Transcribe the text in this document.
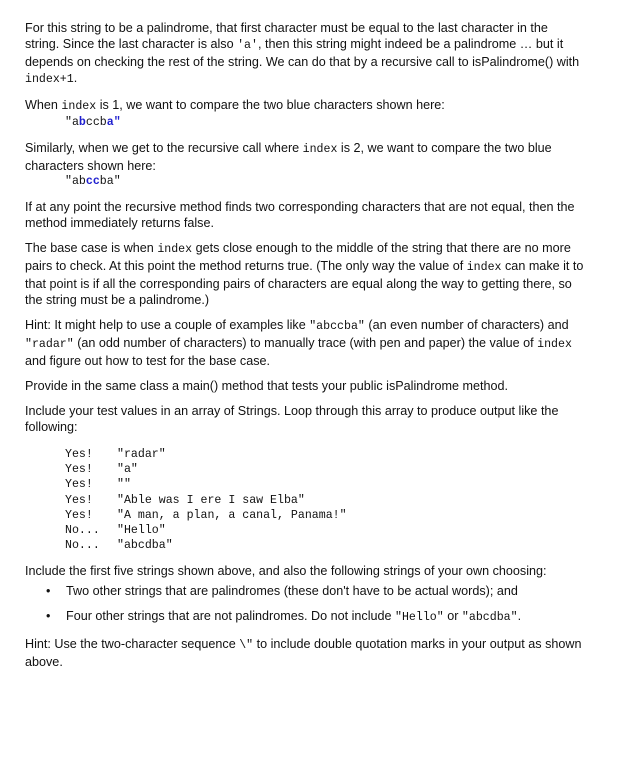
For this string to be a palindrome, that first character must be equal to the last character in the string. Since the last character is also 'a', then this string might indeed be a palindrome … but it depends on checking the rest of the string. We can do that by a recursive call to isPalindrome() with index+1.

When index is 1, we want to compare the two blue characters shown here:

"abccba"

Similarly, when we get to the recursive call where index is 2, we want to compare the two blue characters shown here:

"abccba"

If at any point the recursive method finds two corresponding characters that are not equal, then the method immediately returns false.

The base case is when index gets close enough to the middle of the string that there are no more pairs to check. At this point the method returns true. (The only way the value of index can make it to that point is if all the corresponding pairs of characters are equal along the way to getting there, so the string must be a palindrome.)

Hint: It might help to use a couple of examples like "abccba" (an even number of characters) and "radar" (an odd number of characters) to manually trace (with pen and paper) the value of index and figure out how to test for the base case.

Provide in the same class a main() method that tests your public isPalindrome method.

Include your test values in an array of Strings. Loop through this array to produce output like the following:

Yes!	"radar"
Yes!	"a"
Yes!	""
Yes!	"Able was I ere I saw Elba"
Yes!	"A man, a plan, a canal, Panama!"
No...	"Hello"
No...	"abcdba"

Include the first five strings shown above, and also the following strings of your own choosing:

• Two other strings that are palindromes (these don't have to be actual words); and
• Four other strings that are not palindromes. Do not include "Hello" or "abcdba".

Hint: Use the two-character sequence \" to include double quotation marks in your output as shown above.
